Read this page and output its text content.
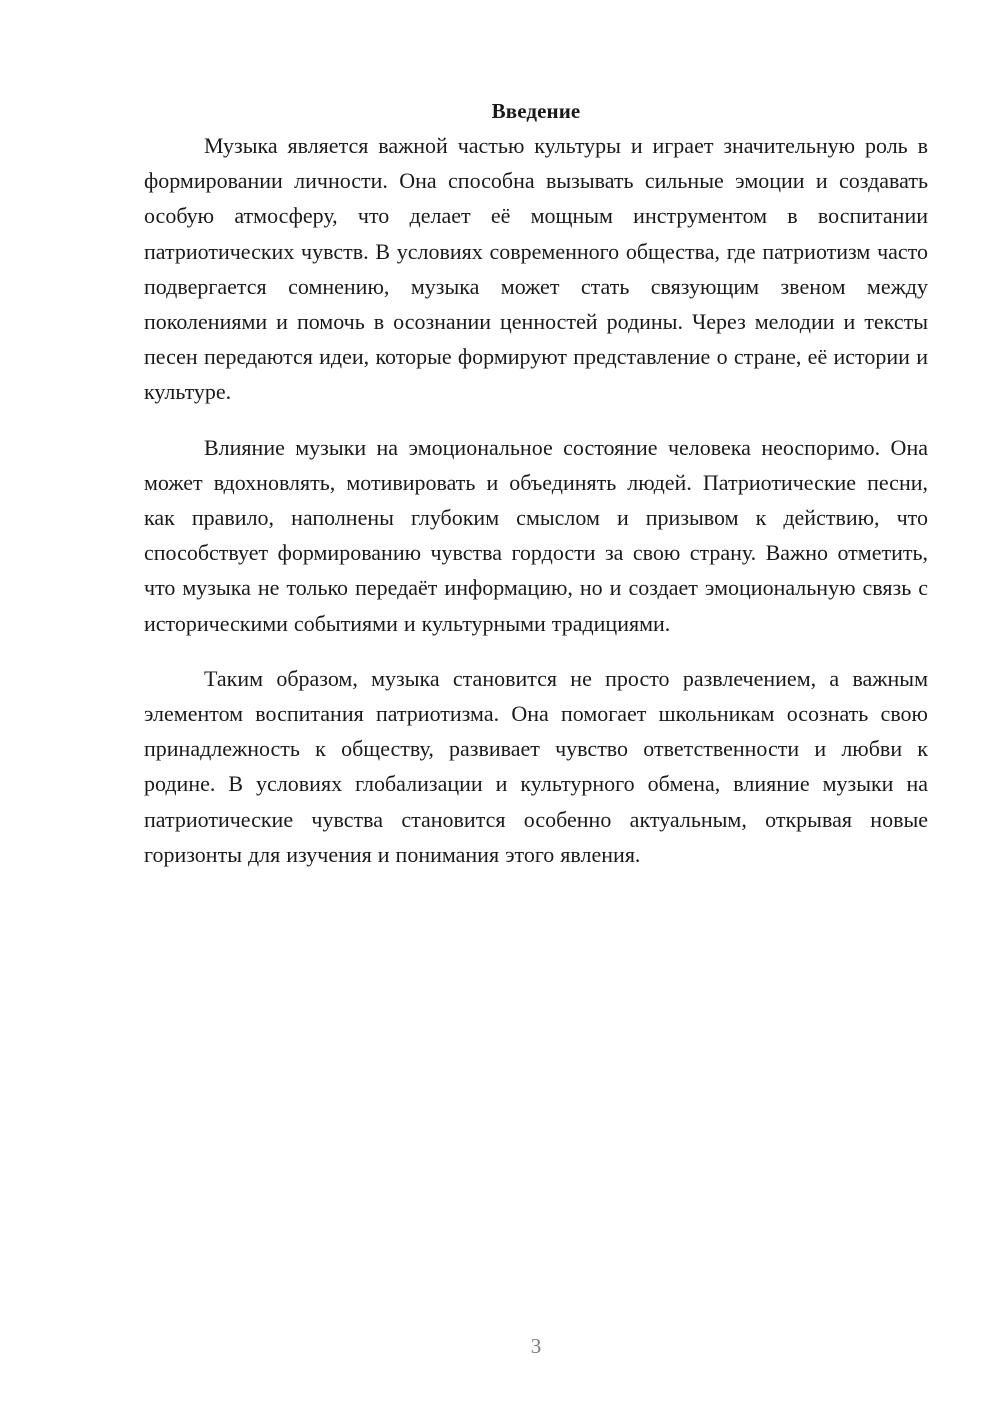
Введение

Музыка является важной частью культуры и играет значительную роль в формировании личности. Она способна вызывать сильные эмоции и создавать особую атмосферу, что делает её мощным инструментом в воспитании патриотических чувств. В условиях современного общества, где патриотизм часто подвергается сомнению, музыка может стать связующим звеном между поколениями и помочь в осознании ценностей родины. Через мелодии и тексты песен передаются идеи, которые формируют представление о стране, её истории и культуре.

Влияние музыки на эмоциональное состояние человека неоспоримо. Она может вдохновлять, мотивировать и объединять людей. Патриотические песни, как правило, наполнены глубоким смыслом и призывом к действию, что способствует формированию чувства гордости за свою страну. Важно отметить, что музыка не только передаёт информацию, но и создает эмоциональную связь с историческими событиями и культурными традициями.

Таким образом, музыка становится не просто развлечением, а важным элементом воспитания патриотизма. Она помогает школьникам осознать свою принадлежность к обществу, развивает чувство ответственности и любви к родине. В условиях глобализации и культурного обмена, влияние музыки на патриотические чувства становится особенно актуальным, открывая новые горизонты для изучения и понимания этого явления.

3
